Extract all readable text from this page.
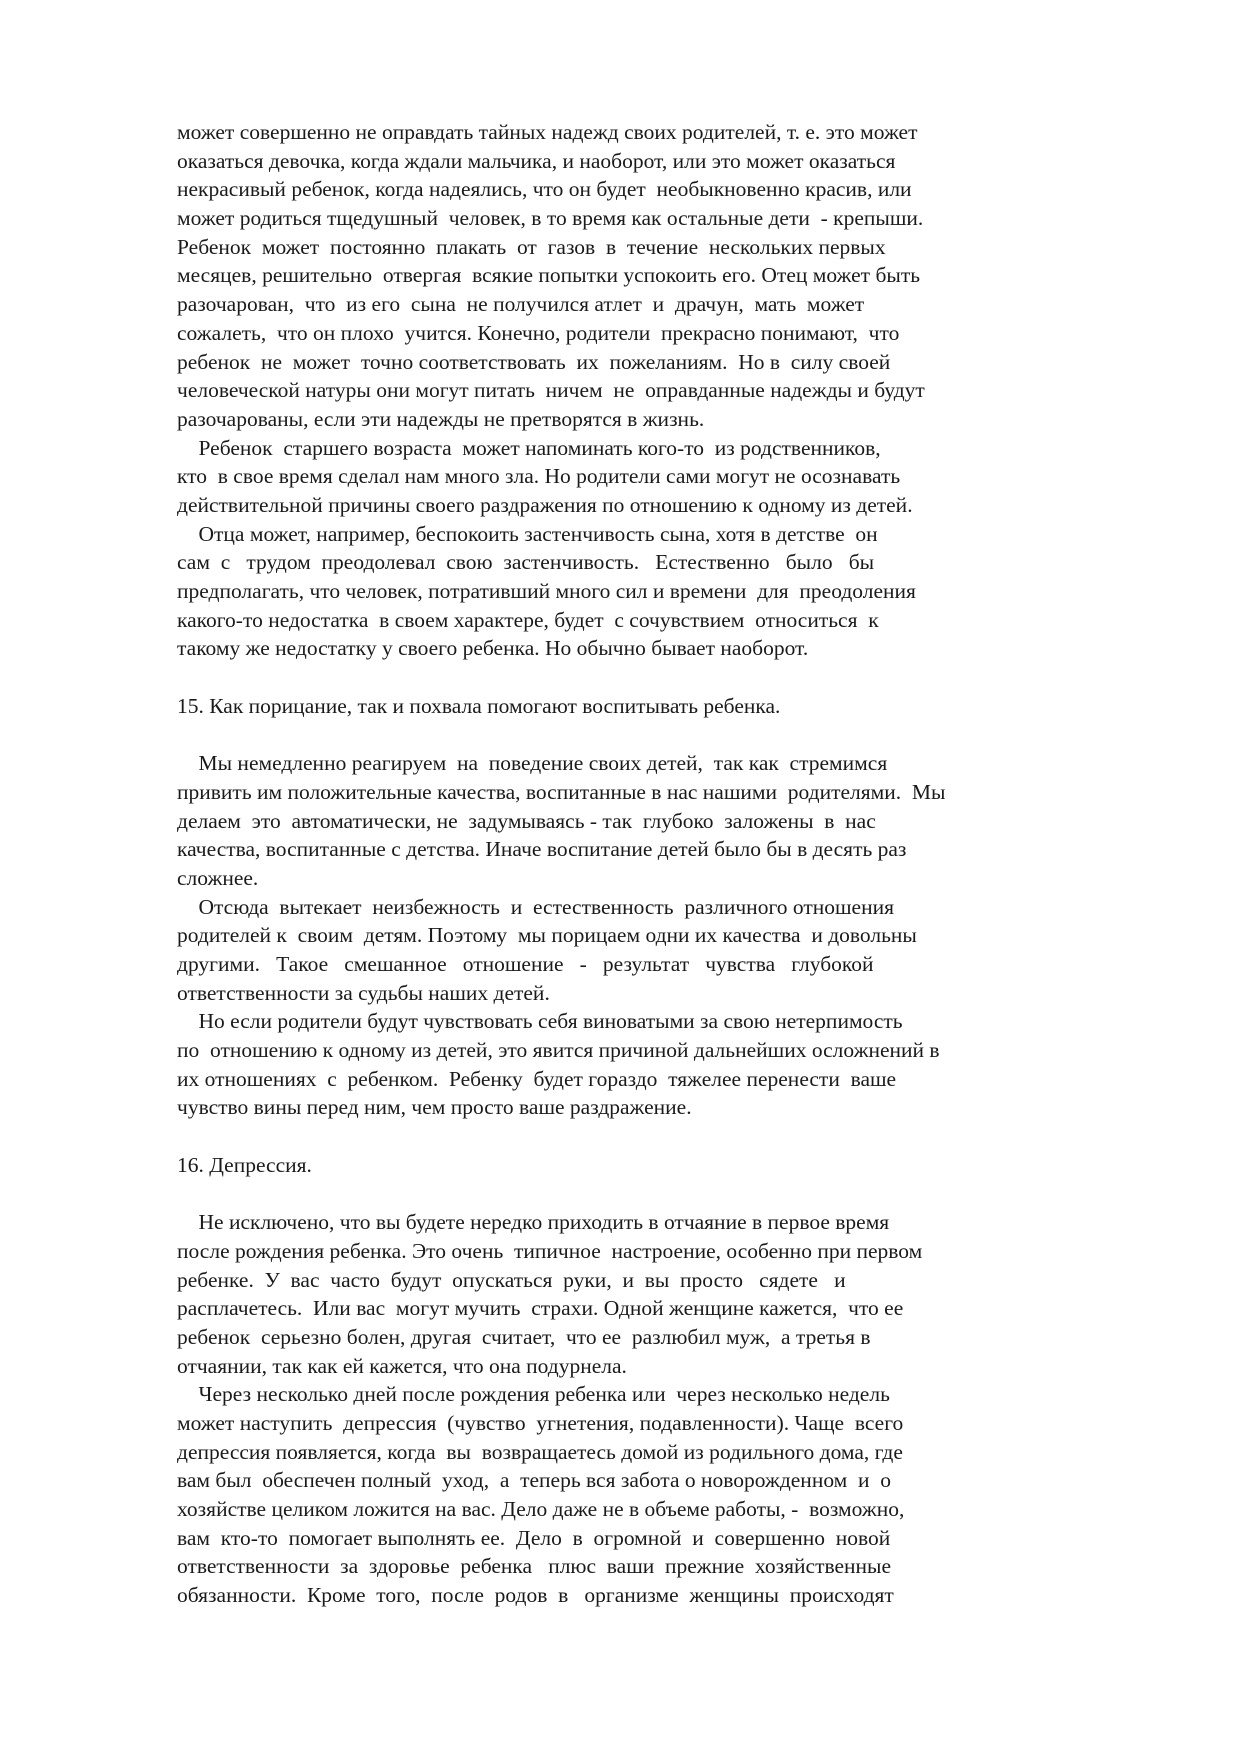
может совершенно не оправдать тайных надежд своих родителей, т. е. это может
оказаться девочка, когда ждали мальчика, и наоборот, или это может оказаться
некрасивый ребенок, когда надеялись, что он будет  необыкновенно красив, или
может родиться тщедушный  человек, в то время как остальные дети  - крепыши.
Ребенок  может  постоянно  плакать  от  газов  в  течение  нескольких первых
месяцев, решительно  отвергая  всякие попытки успокоить его. Отец может быть
разочарован,  что  из его  сына  не получился атлет  и  драчун,  мать  может
сожалеть,  что он плохо  учится. Конечно, родители  прекрасно понимают,  что
ребенок  не  может  точно соответствовать  их  пожеланиям.  Но в  силу своей
человеческой натуры они могут питать  ничем  не  оправданные надежды и будут
разочарованы, если эти надежды не претворятся в жизнь.
Ребенок  старшего возраста  может напоминать кого-то  из родственников,
кто  в свое время сделал нам много зла. Но родители сами могут не осознавать
действительной причины своего раздражения по отношению к одному из детей.
Отца может, например, беспокоить застенчивость сына, хотя в детстве  он
сам  с   трудом  преодолевал  свою  застенчивость.   Естественно   было   бы
предполагать, что человек, потративший много сил и времени  для  преодоления
какого-то недостатка  в своем характере, будет  с сочувствием  относиться  к
такому же недостатку у своего ребенка. Но обычно бывает наоборот.
15. Как порицание, так и похвала помогают воспитывать ребенка.
Мы немедленно реагируем  на  поведение своих детей,  так как  стремимся
привить им положительные качества, воспитанные в нас нашими  родителями.  Мы
делаем  это  автоматически, не  задумываясь - так  глубоко  заложены  в  нас
качества, воспитанные с детства. Иначе воспитание детей было бы в десять раз
сложнее.
Отсюда  вытекает  неизбежность  и  естественность  различного отношения
родителей к  своим  детям. Поэтому  мы порицаем одни их качества  и довольны
другими.   Такое   смешанное   отношение   -   результат   чувства   глубокой
ответственности за судьбы наших детей.
Но если родители будут чувствовать себя виноватыми за свою нетерпимость
по  отношению к одному из детей, это явится причиной дальнейших осложнений в
их отношениях  с  ребенком.  Ребенку  будет гораздо  тяжелее перенести  ваше
чувство вины перед ним, чем просто ваше раздражение.
16. Депрессия.
Не исключено, что вы будете нередко приходить в отчаяние в первое время
после рождения ребенка. Это очень  типичное  настроение, особенно при первом
ребенке.  У  вас  часто  будут  опускаться  руки,  и  вы  просто   сядете   и
расплачетесь.  Или вас  могут мучить  страхи. Одной женщине кажется,  что ее
ребенок  серьезно болен, другая  считает,  что ее  разлюбил муж,  а третья в
отчаянии, так как ей кажется, что она подурнела.
Через несколько дней после рождения ребенка или  через несколько недель
может наступить  депрессия  (чувство  угнетения, подавленности). Чаще  всего
депрессия появляется, когда  вы  возвращаетесь домой из родильного дома, где
вам был  обеспечен полный  уход,  а  теперь вся забота о новорожденном  и  о
хозяйстве целиком ложится на вас. Дело даже не в объеме работы, -  возможно,
вам  кто-то  помогает выполнять ее.  Дело  в  огромной  и  совершенно  новой
ответственности  за  здоровье  ребенка   плюс  ваши  прежние  хозяйственные
обязанности.  Кроме  того,  после  родов  в   организме  женщины  происходят
